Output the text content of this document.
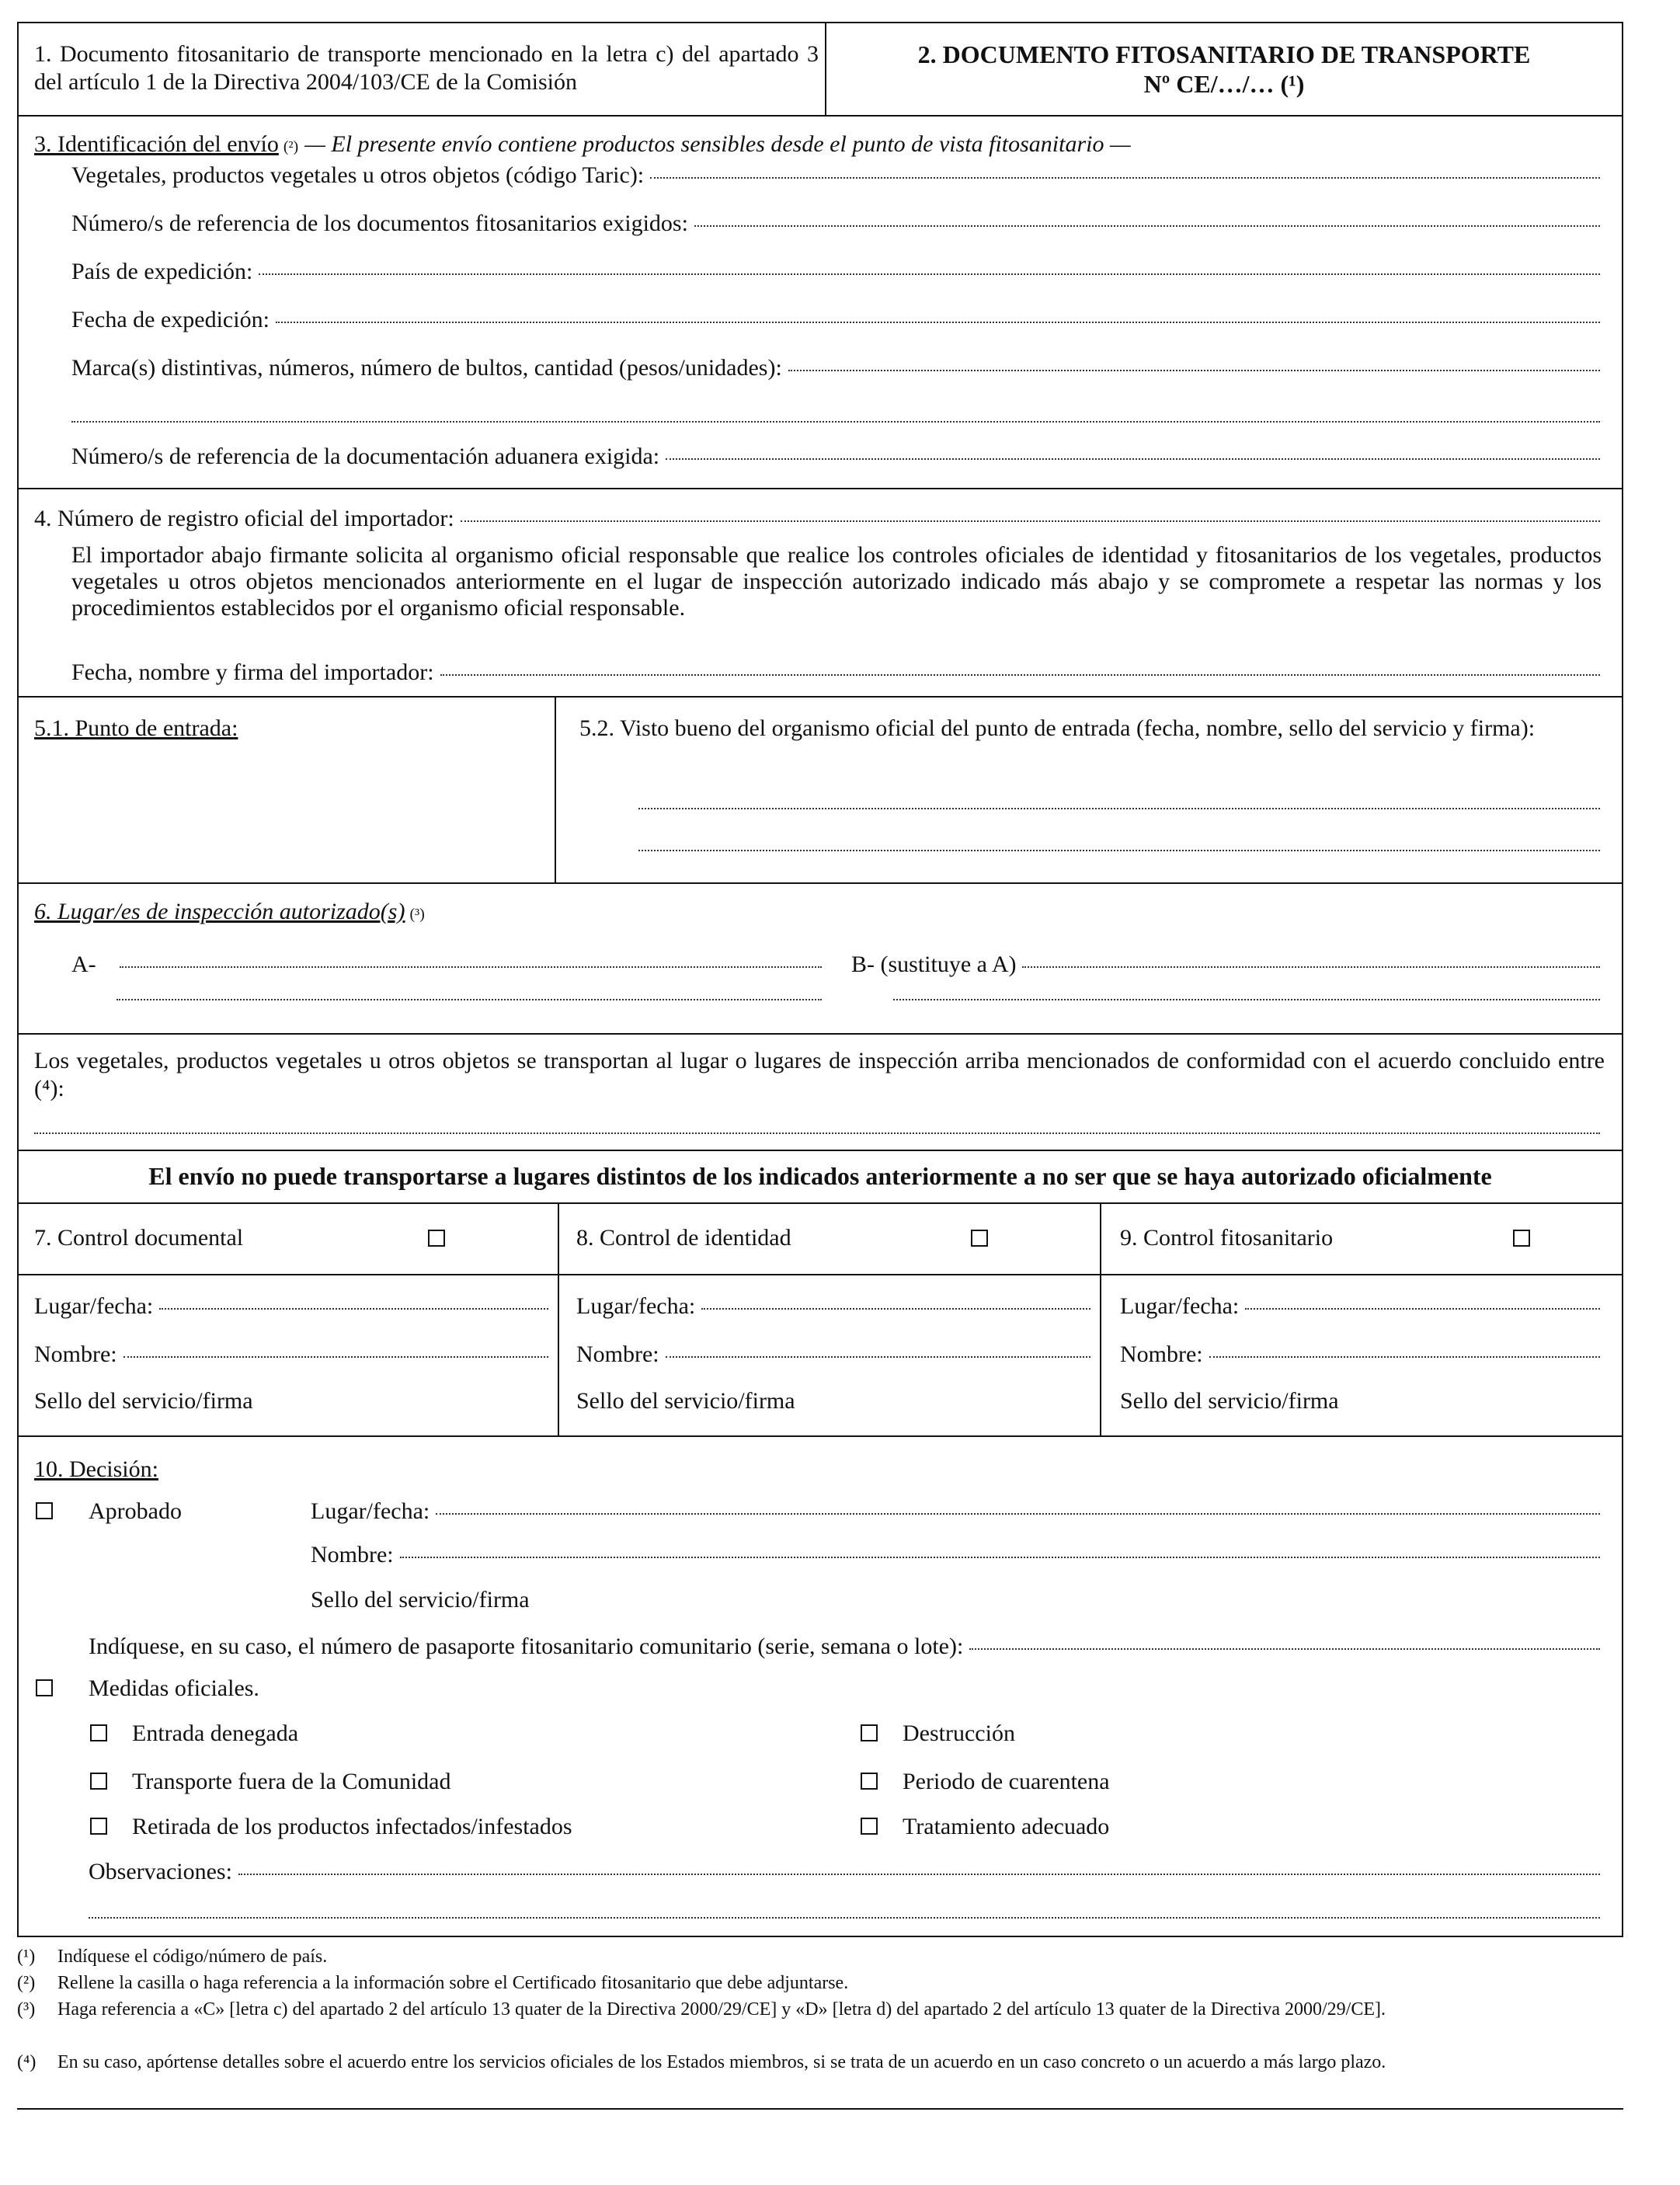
1. Documento fitosanitario de transporte mencionado en la letra c) del apartado 3 del artículo 1 de la Directiva 2004/103/CE de la Comisión
2. DOCUMENTO FITOSANITARIO DE TRANSPORTE
Nº CE/…/… (¹)
3. Identificación del envío (²) — El presente envío contiene productos sensibles desde el punto de vista fitosanitario —
Vegetales, productos vegetales u otros objetos (código Taric):
Número/s de referencia de los documentos fitosanitarios exigidos:
País de expedición:
Fecha de expedición:
Marca(s) distintivas, números, número de bultos, cantidad (pesos/unidades):
Número/s de referencia de la documentación aduanera exigida:
4. Número de registro oficial del importador:
El importador abajo firmante solicita al organismo oficial responsable que realice los controles oficiales de identidad y fitosanitarios de los vegetales, productos vegetales u otros objetos mencionados anteriormente en el lugar de inspección autorizado indicado más abajo y se compromete a respetar las normas y los procedimientos establecidos por el organismo oficial responsable.
Fecha, nombre y firma del importador:
5.1. Punto de entrada:	5.2. Visto bueno del organismo oficial del punto de entrada (fecha, nombre, sello del servicio y firma):
6. Lugar/es de inspección autorizado(s) (³)
A-	B- (sustituye a A)
Los vegetales, productos vegetales u otros objetos se transportan al lugar o lugares de inspección arriba mencionados de conformidad con el acuerdo concluido entre (⁴):
El envío no puede transportarse a lugares distintos de los indicados anteriormente a no ser que se haya autorizado oficialmente
7. Control documental	8. Control de identidad	9. Control fitosanitario
Lugar/fecha:
Nombre:
Sello del servicio/firma
Lugar/fecha:
Nombre:
Sello del servicio/firma
Lugar/fecha:
Nombre:
Sello del servicio/firma
10. Decisión:
Aprobado	Lugar/fecha:
Nombre:
Sello del servicio/firma
Indíquese, en su caso, el número de pasaporte fitosanitario comunitario (serie, semana o lote):
Medidas oficiales.
Entrada denegada
Transporte fuera de la Comunidad
Retirada de los productos infectados/infestados
Destrucción
Periodo de cuarentena
Tratamiento adecuado
Observaciones:
(¹) Indíquese el código/número de país.
(²) Rellene la casilla o haga referencia a la información sobre el Certificado fitosanitario que debe adjuntarse.
(³) Haga referencia a «C» [letra c) del apartado 2 del artículo 13 quater de la Directiva 2000/29/CE] y «D» [letra d) del apartado 2 del artículo 13 quater de la Directiva 2000/29/CE].
(⁴) En su caso, apórtense detalles sobre el acuerdo entre los servicios oficiales de los Estados miembros, si se trata de un acuerdo en un caso concreto o un acuerdo a más largo plazo.
